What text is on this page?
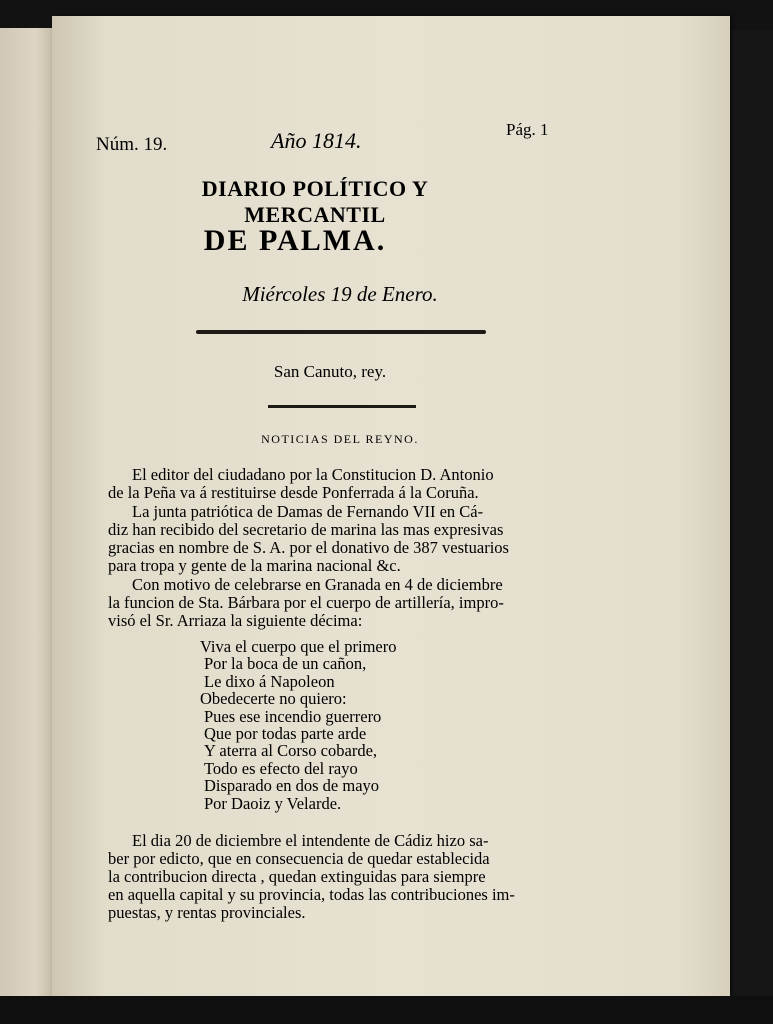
Núm. 19.	Año 1814.	Pág. 1
DIARIO POLÍTICO Y MERCANTIL
DE PALMA.
Miércoles 19 de Enero.
San Canuto, rey.
NOTICIAS DEL REYNO.
El editor del ciudadano por la Constitucion D. Antonio
de la Peña va á restituirse desde Ponferrada á la Coruña.
La junta patriótica de Damas de Fernando VII en Cá-
diz han recibido del secretario de marina las mas expresivas
gracias en nombre de S. A. por el donativo de 387 vestuarios
para tropa y gente de la marina nacional &c.
Con motivo de celebrarse en Granada en 4 de diciembre
la funcion de Sta. Bárbara por el cuerpo de artillería, impro-
visó el Sr. Arriaza la siguiente décima:
Viva el cuerpo que el primero
Por la boca de un cañon,
Le dixo á Napoleon
Obedecerte no quiero:
Pues ese incendio guerrero
Que por todas parte arde
Y aterra al Corso cobarde,
Todo es efecto del rayo
Disparado en dos de mayo
Por Daoiz y Velarde.
El dia 20 de diciembre el intendente de Cádiz hizo sa-
ber por edicto, que en consecuencia de quedar establecida
la contribucion directa , quedan extinguidas para siempre
en aquella capital y su provincia, todas las contribuciones im-
puestas, y rentas provinciales.
